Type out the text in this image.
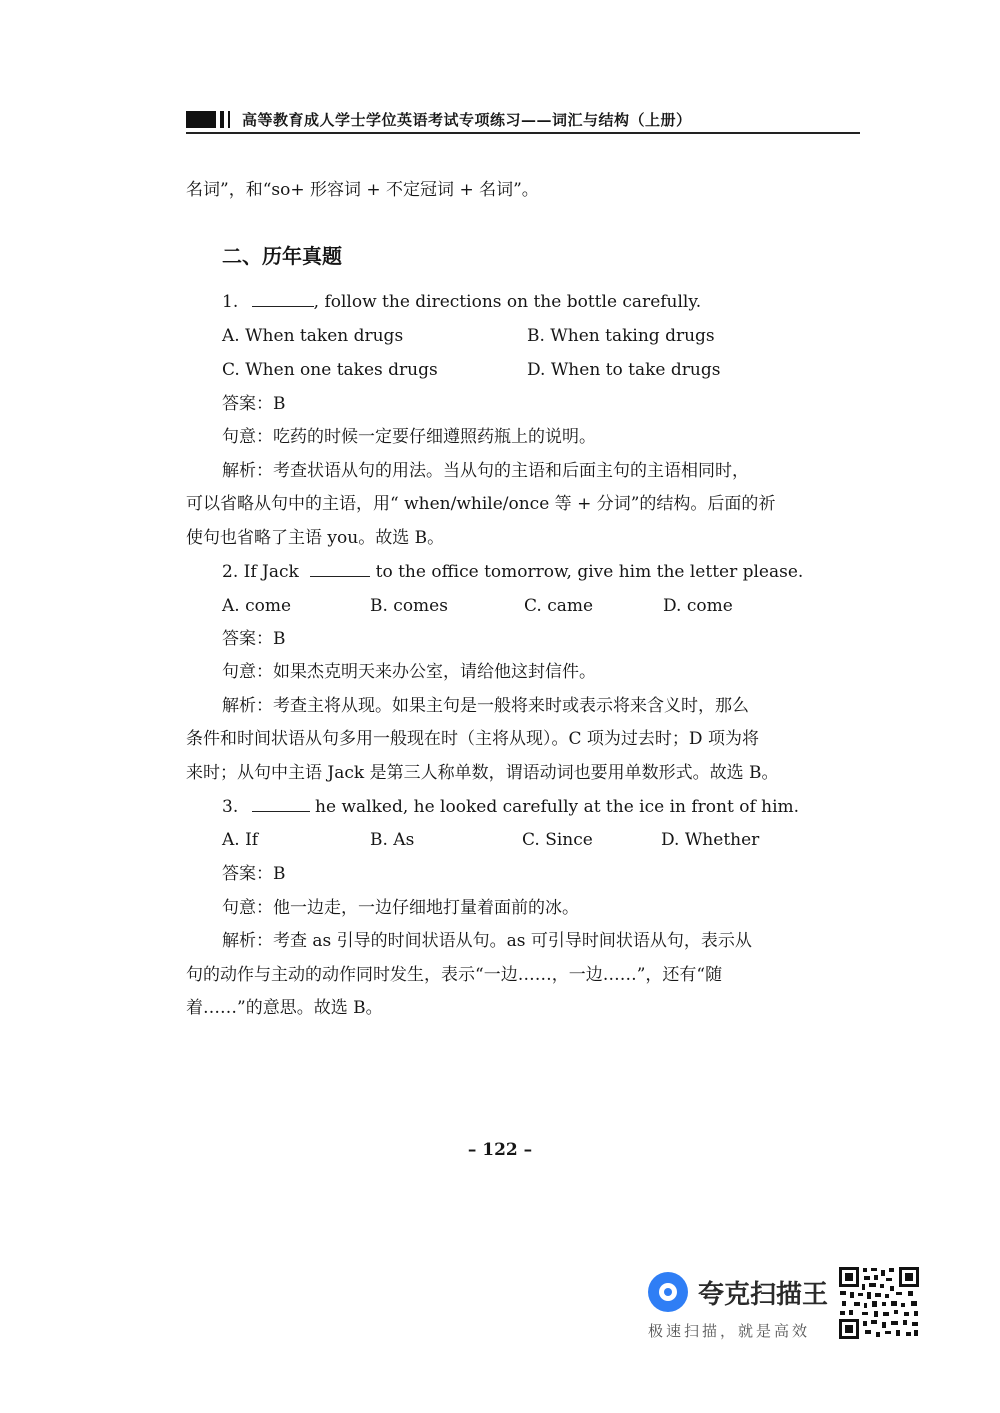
高等教育成人学士学位英语考试专项练习——词汇与结构（上册）
名词”，和“so+ 形容词 + 不定冠词 + 名词”。
二、历年真题
1.	, follow the directions on the bottle carefully.
A. When taken drugs	B. When taking drugs
C. When one takes drugs	D. When to take drugs
答案：B
句意：吃药的时候一定要仔细遵照药瓶上的说明。
解析：考查状语从句的用法。当从句的主语和后面主句的主语相同时，
可以省略从句中的主语，用“ when/while/once 等 + 分词”的结构。后面的祈
使句也省略了主语 you。故选 B。
2. If Jack	to the office tomorrow, give him the letter please.
A. come	B. comes	C. came	D. come
答案：B
句意：如果杰克明天来办公室，请给他这封信件。
解析：考查主将从现。如果主句是一般将来时或表示将来含义时，那么
条件和时间状语从句多用一般现在时（主将从现）。C 项为过去时；D 项为将
来时；从句中主语 Jack 是第三人称单数，谓语动词也要用单数形式。故选 B。
3.	he walked, he looked carefully at the ice in front of him.
A. If	B. As	C. Since	D. Whether
答案：B
句意：他一边走，一边仔细地打量着面前的冰。
解析：考查 as 引导的时间状语从句。as 可引导时间状语从句，表示从
句的动作与主动的动作同时发生，表示“一边……，一边……”，还有“随
着……”的意思。故选 B。
– 122 –
夸克扫描王
极速扫描，就是高效
